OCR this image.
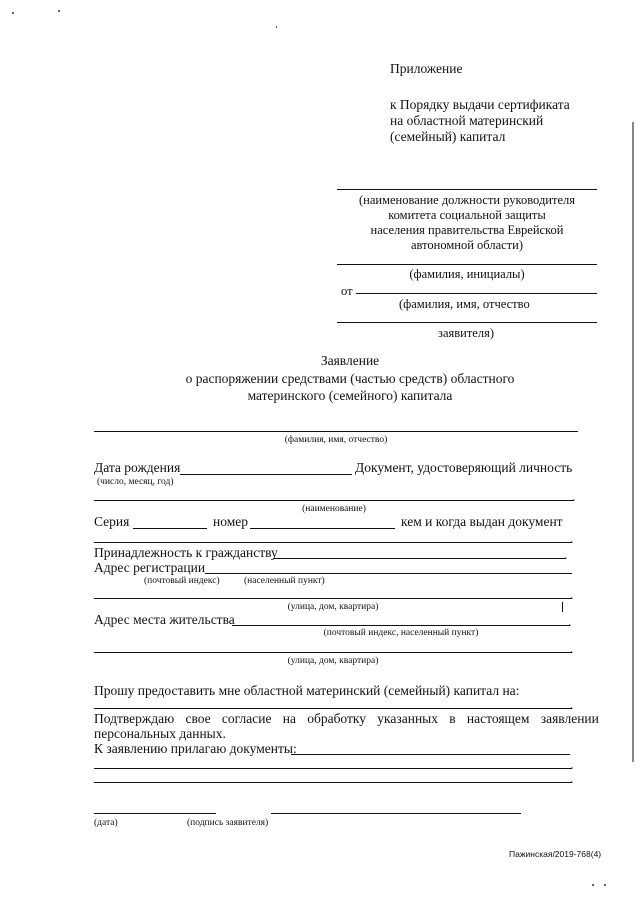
Приложение
к Порядку выдачи сертификата
на областной материнский
(семейный) капитал
(наименование должности руководителя
комитета социальной защиты
населения правительства Еврейской
автономной области)
(фамилия, инициалы)
от
(фамилия, имя, отчество
заявителя)
Заявление
о распоряжении средствами (частью средств) областного
материнского (семейного) капитала
(фамилия, имя, отчество)
Дата рождения	Документ, удостоверяющий личность
(число, месяц, год)
.
(наименование)
Серия	номер	кем и когда выдан документ
.
Принадлежность к гражданству	.
Адрес регистрации
(почтовый индекс)	(населенный пункт)
.
(улица, дом, квартира)
Адрес места жительства	.
(почтовый индекс, населенный пункт)
.
(улица, дом, квартира)
Прошу предоставить мне областной материнский (семейный) капитал на:
.
Подтверждаю свое согласие на обработку указанных в настоящем заявлении
персональных данных.
К заявлению прилагаю документы:
.
.
(дата)	(подпись заявителя)
Пажинская/2019-768(4)
